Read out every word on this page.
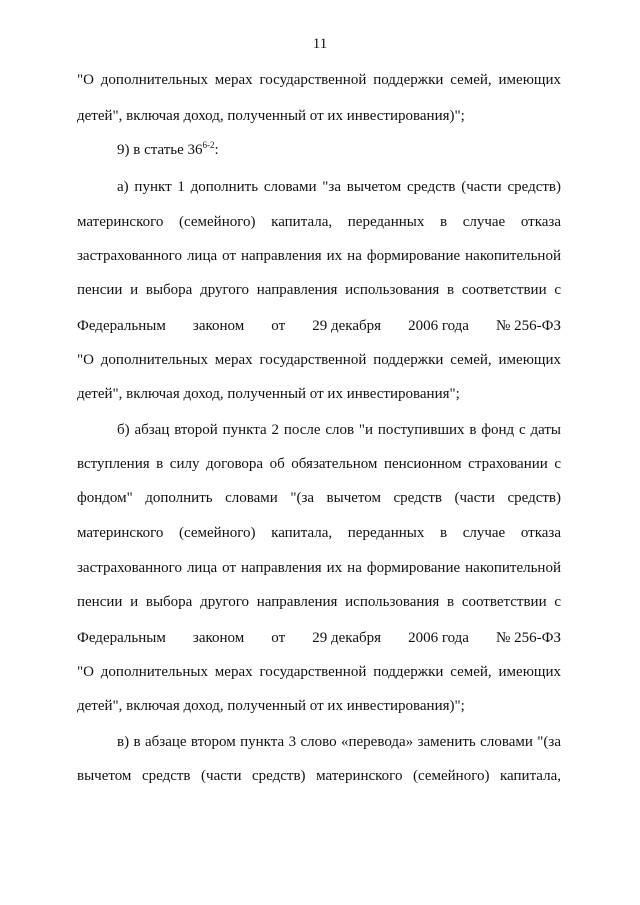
11
"О дополнительных мерах государственной поддержки семей, имеющих
детей", включая доход, полученный от их инвестирования)";
9) в статье 36$^{6-2}$:
а) пункт 1 дополнить словами "за вычетом средств (части средств)
материнского (семейного) капитала, переданных в случае отказа
застрахованного лица от направления их на формирование накопительной
пенсии и выбора другого направления использования в соответствии с
Федеральным законом от 29 декабря 2006 года № 256-ФЗ
"О дополнительных мерах государственной поддержки семей, имеющих
детей", включая доход, полученный от их инвестирования";
б) абзац второй пункта 2 после слов "и поступивших в фонд с даты
вступления в силу договора об обязательном пенсионном страховании с
фондом" дополнить словами "(за вычетом средств (части средств)
материнского (семейного) капитала, переданных в случае отказа
застрахованного лица от направления их на формирование накопительной
пенсии и выбора другого направления использования в соответствии с
Федеральным законом от 29 декабря 2006 года № 256-ФЗ
"О дополнительных мерах государственной поддержки семей, имеющих
детей", включая доход, полученный от их инвестирования)";
в) в абзаце втором пункта 3 слово «перевода» заменить словами "(за
вычетом средств (части средств) материнского (семейного) капитала,
